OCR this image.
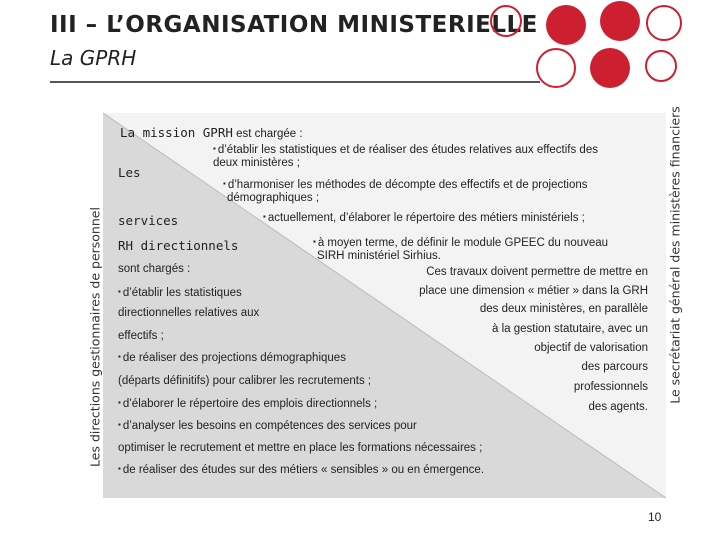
III – L’ORGANISATION MINISTERIELLE
La GPRH
Les directions gestionnaires de personnel	Le secrétariat général des ministères financiers
La mission GPRH est chargée :
▪ d’établir les statistiques et de réaliser des études relatives aux effectifs des
deux ministères ;
▪ d’harmoniser les méthodes de décompte des effectifs et de projections
démographiques ;
▪ actuellement, d’élaborer le répertoire des métiers ministériels ;
▪ à moyen terme, de définir le module GPEEC du nouveau
SIRH ministériel Sirhius.
Ces travaux doivent permettre de mettre en
place une dimension « métier » dans la GRH
des deux ministères, en parallèle
à la gestion statutaire, avec un
objectif de valorisation
des parcours
professionnels
des agents.
Les
services
RH directionnels
sont chargés :
▪ d’établir les statistiques
directionnelles relatives aux
effectifs ;
▪ de réaliser des projections démographiques
(départs définitifs) pour calibrer les recrutements ;
▪ d’élaborer le répertoire des emplois directionnels ;
▪ d’analyser les besoins en compétences des services pour
optimiser le recrutement et mettre en place les formations nécessaires ;
▪ de réaliser des études sur des métiers « sensibles » ou en émergence.
10
